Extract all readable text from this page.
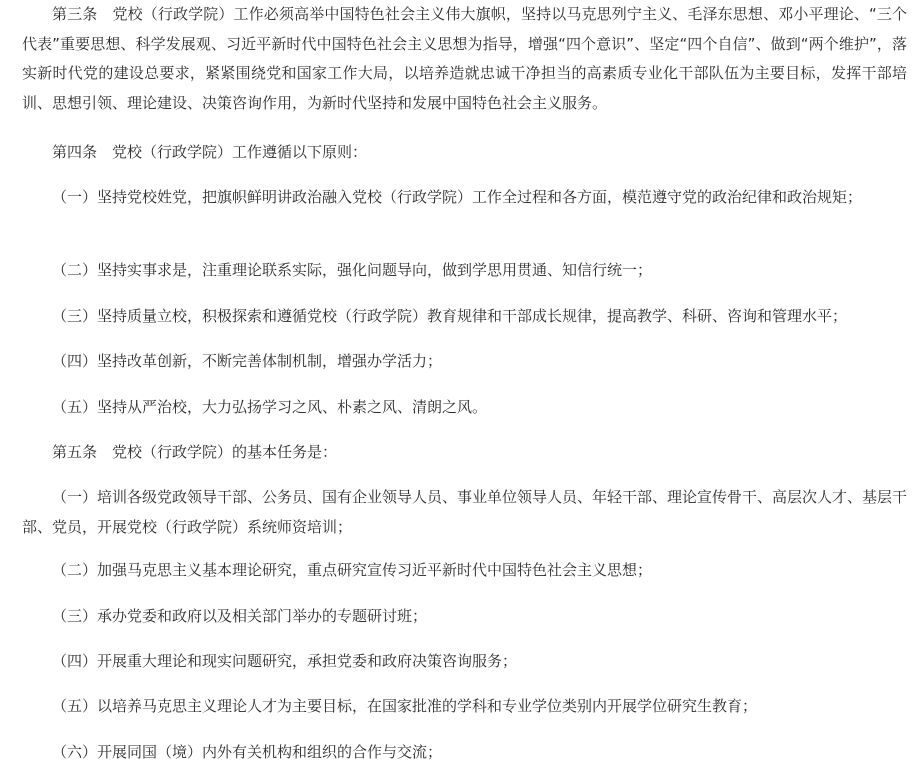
第三条　党校（行政学院）工作必须高举中国特色社会主义伟大旗帜，坚持以马克思列宁主义、毛泽东思想、邓小平理论、“三个代表”重要思想、科学发展观、习近平新时代中国特色社会主义思想为指导，增强“四个意识”、坚定“四个自信”、做到“两个维护”，落实新时代党的建设总要求，紧紧围绕党和国家工作大局，以培养造就忠诚干净担当的高素质专业化干部队伍为主要目标，发挥干部培训、思想引领、理论建设、决策咨询作用，为新时代坚持和发展中国特色社会主义服务。

第四条　党校（行政学院）工作遵循以下原则：

（一）坚持党校姓党，把旗帜鲜明讲政治融入党校（行政学院）工作全过程和各方面，模范遵守党的政治纪律和政治规矩；

（二）坚持实事求是，注重理论联系实际，强化问题导向，做到学思用贯通、知信行统一；

（三）坚持质量立校，积极探索和遵循党校（行政学院）教育规律和干部成长规律，提高教学、科研、咨询和管理水平；

（四）坚持改革创新，不断完善体制机制，增强办学活力；

（五）坚持从严治校，大力弘扬学习之风、朴素之风、清朗之风。

第五条　党校（行政学院）的基本任务是：

（一）培训各级党政领导干部、公务员、国有企业领导人员、事业单位领导人员、年轻干部、理论宣传骨干、高层次人才、基层干部、党员，开展党校（行政学院）系统师资培训；

（二）加强马克思主义基本理论研究，重点研究宣传习近平新时代中国特色社会主义思想；

（三）承办党委和政府以及相关部门举办的专题研讨班；

（四）开展重大理论和现实问题研究，承担党委和政府决策咨询服务；

（五）以培养马克思主义理论人才为主要目标，在国家批准的学科和专业学位类别内开展学位研究生教育；

（六）开展同国（境）内外有关机构和组织的合作与交流；
